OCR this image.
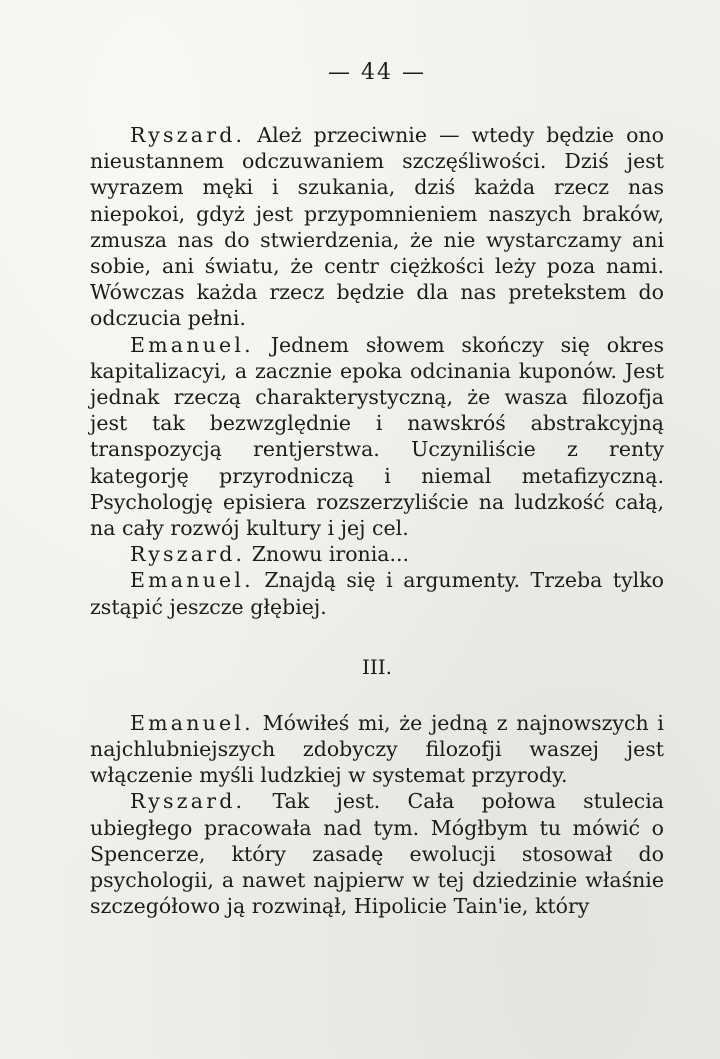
— 44 —

Ryszard. Ależ przeciwnie — wtedy będzie ono nieustannem odczuwaniem szczęśliwości. Dziś jest wyrazem męki i szukania, dziś każda rzecz nas niepokoi, gdyż jest przypomnieniem naszych braków, zmusza nas do stwierdzenia, że nie wystarczamy ani sobie, ani światu, że centr ciężkości leży poza nami. Wówczas każda rzecz będzie dla nas pretekstem do odczucia pełni.

Emanuel. Jednem słowem skończy się okres kapitalizacyi, a zacznie epoka odcinania kuponów. Jest jednak rzeczą charakterystyczną, że wasza filozofja jest tak bezwzględnie i nawskróś abstrakcyjną transpozycją rentjerstwa. Uczyniliście z renty kategorję przyrodniczą i niemal metafizyczną. Psychologję episiera rozszerzyliście na ludzkość całą, na cały rozwój kultury i jej cel.

Ryszard. Znowu ironia...

Emanuel. Znajdą się i argumenty. Trzeba tylko zstąpić jeszcze głębiej.

III.

Emanuel. Mówiłeś mi, że jedną z najnowszych i najchlubniejszych zdobyczy filozofji waszej jest włączenie myśli ludzkiej w systemat przyrody.

Ryszard. Tak jest. Cała połowa stulecia ubiegłego pracowała nad tym. Mógłbym tu mówić o Spencerze, który zasadę ewolucji stosował do psychologii, a nawet najpierw w tej dziedzinie właśnie szczegółowo ją rozwinął, Hipolicie Tain'ie, który
